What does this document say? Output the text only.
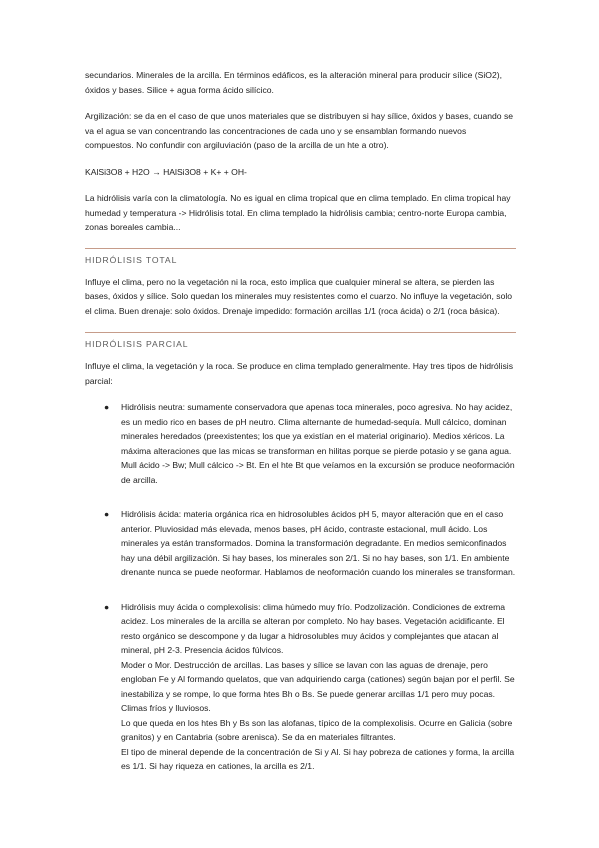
secundarios. Minerales de la arcilla. En términos edáficos, es la alteración mineral para producir sílice (SiO2), óxidos y bases. Silice + agua forma ácido silícico.

Argilización: se da en el caso de que unos materiales que se distribuyen si hay sílice, óxidos y bases, cuando se va el agua se van concentrando las concentraciones de cada uno y se ensamblan formando nuevos compuestos. No confundir con argiluviación (paso de la arcilla de un hte a otro).

KAlSi3O8 + H2O → HAlSi3O8 + K+ + OH-

La hidrólisis varía con la climatología. No es igual en clima tropical que en clima templado. En clima tropical hay humedad y temperatura -> Hidrólisis total. En clima templado la hidrólisis cambia; centro-norte Europa cambia, zonas boreales cambia...

HIDRÓLISIS TOTAL

Influye el clima, pero no la vegetación ni la roca, esto implica que cualquier mineral se altera, se pierden las bases, óxidos y sílice. Solo quedan los minerales muy resistentes como el cuarzo. No influye la vegetación, solo el clima. Buen drenaje: solo óxidos. Drenaje impedido: formación arcillas 1/1 (roca ácida) o 2/1 (roca básica).

HIDRÓLISIS PARCIAL

Influye el clima, la vegetación y la roca. Se produce en clima templado generalmente. Hay tres tipos de hidrólisis parcial:

● Hidrólisis neutra: sumamente conservadora que apenas toca minerales, poco agresiva. No hay acidez, es un medio rico en bases de pH neutro. Clima alternante de humedad-sequía. Mull cálcico, dominan minerales heredados (preexistentes; los que ya existían en el material originario). Medios xéricos. La máxima alteraciones que las micas se transforman en hilitas porque se pierde potasio y se gana agua. Mull ácido -> Bw; Mull cálcico -> Bt. En el hte Bt que veíamos en la excursión se produce neoformación de arcilla.

● Hidrólisis ácida: materia orgánica rica en hidrosolubles ácidos pH 5, mayor alteración que en el caso anterior. Pluviosidad más elevada, menos bases, pH ácido, contraste estacional, mull ácido. Los minerales ya están transformados. Domina la transformación degradante. En medios semiconfinados hay una débil argilización. Si hay bases, los minerales son 2/1. Si no hay bases, son 1/1. En ambiente drenante nunca se puede neoformar. Hablamos de neoformación cuando los minerales se transforman.

● Hidrólisis muy ácida o complexolisis: clima húmedo muy frío. Podzolización. Condiciones de extrema acidez. Los minerales de la arcilla se alteran por completo. No hay bases. Vegetación acidificante. El resto orgánico se descompone y da lugar a hidrosolubles muy ácidos y complejantes que atacan al mineral, pH 2-3. Presencia ácidos fúlvicos.
Moder o Mor. Destrucción de arcillas. Las bases y sílice se lavan con las aguas de drenaje, pero engloban Fe y Al formando quelatos, que van adquiriendo carga (cationes) según bajan por el perfil. Se inestabiliza y se rompe, lo que forma htes Bh o Bs. Se puede generar arcillas 1/1 pero muy pocas. Climas fríos y lluviosos.
Lo que queda en los htes Bh y Bs son las alofanas, típico de la complexolisis. Ocurre en Galicia (sobre granitos) y en Cantabria (sobre arenisca). Se da en materiales filtrantes.
El tipo de mineral depende de la concentración de Si y Al. Si hay pobreza de cationes y forma, la arcilla es 1/1. Si hay riqueza en cationes, la arcilla es 2/1.
